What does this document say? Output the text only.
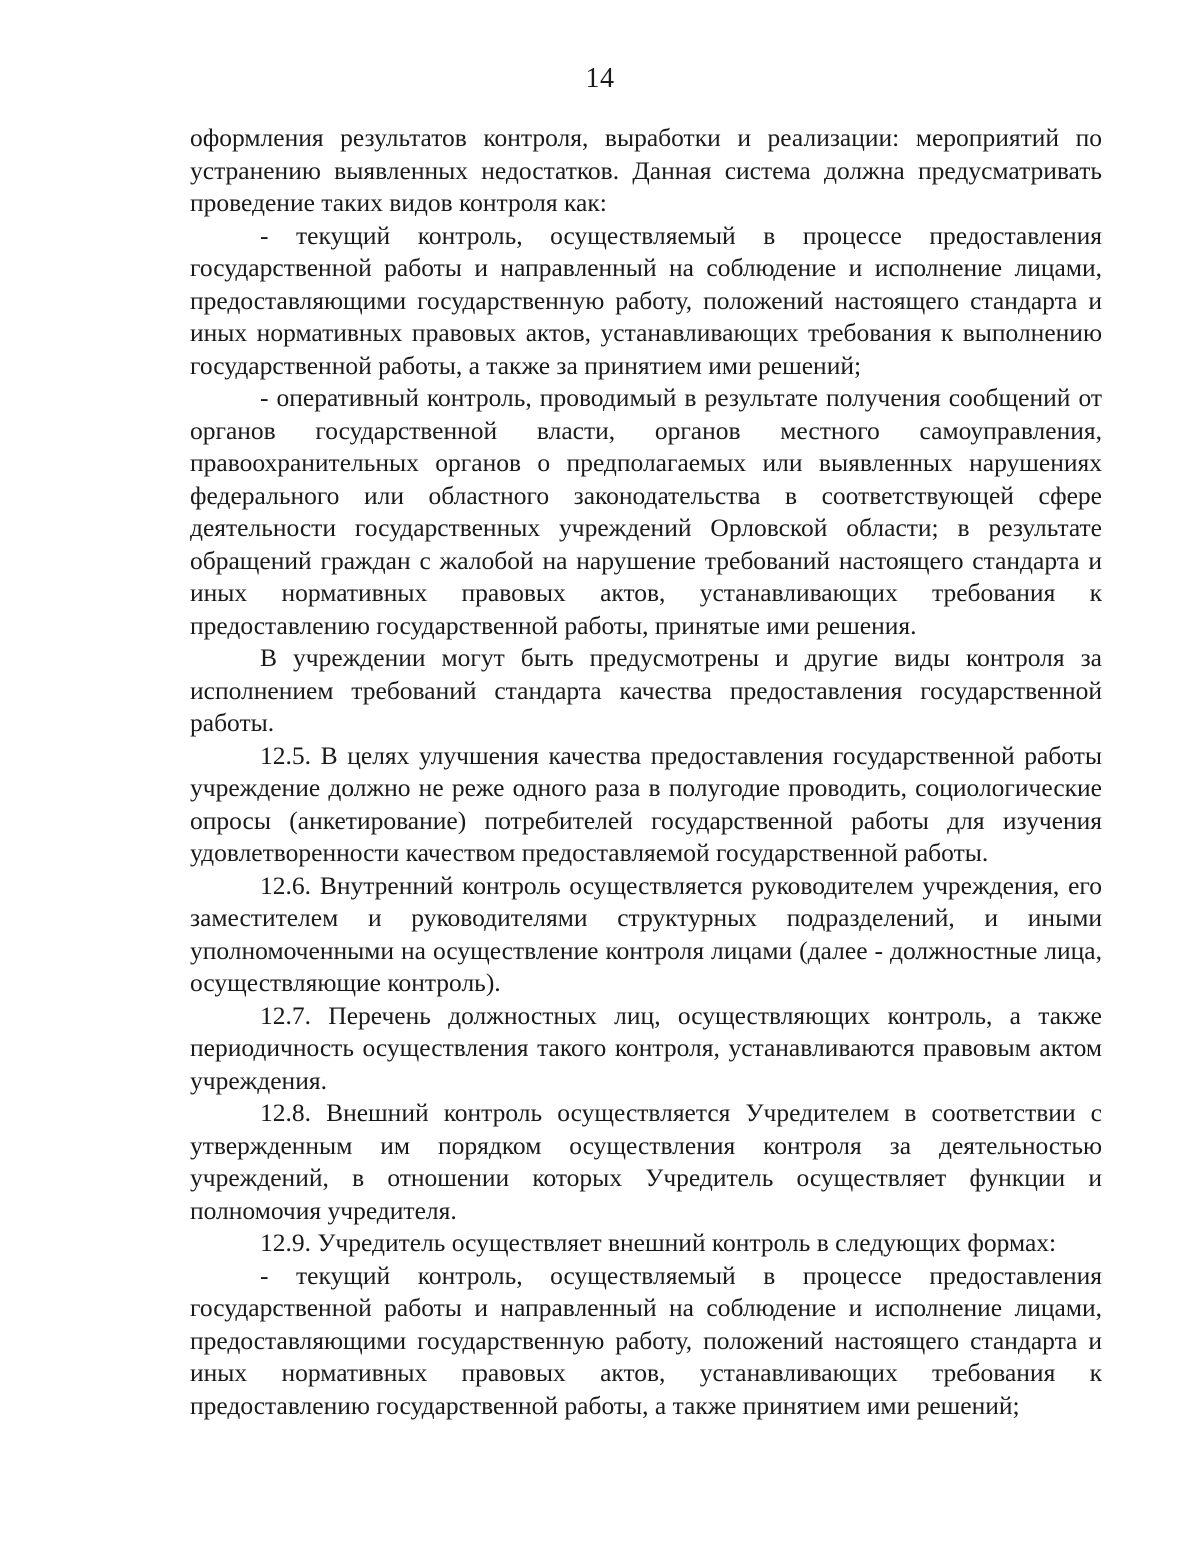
14

оформления результатов контроля, выработки и реализации: мероприятий по устранению выявленных недостатков. Данная система должна предусматривать проведение таких видов контроля как:

- текущий контроль, осуществляемый в процессе предоставления государственной работы и направленный на соблюдение и исполнение лицами, предоставляющими государственную работу, положений настоящего стандарта и иных нормативных правовых актов, устанавливающих требования к выполнению государственной работы, а также за принятием ими решений;

- оперативный контроль, проводимый в результате получения сообщений от органов государственной власти, органов местного самоуправления, правоохранительных органов о предполагаемых или выявленных нарушениях федерального или областного законодательства в соответствующей сфере деятельности государственных учреждений Орловской области; в результате обращений граждан с жалобой на нарушение требований настоящего стандарта и иных нормативных правовых актов, устанавливающих требования к предоставлению государственной работы, принятые ими решения.

В учреждении могут быть предусмотрены и другие виды контроля за исполнением требований стандарта качества предоставления государственной работы.

12.5. В целях улучшения качества предоставления государственной работы учреждение должно не реже одного раза в полугодие проводить, социологические опросы (анкетирование) потребителей государственной работы для изучения удовлетворенности качеством предоставляемой государственной работы.

12.6. Внутренний контроль осуществляется руководителем учреждения, его заместителем и руководителями структурных подразделений, и иными уполномоченными на осуществление контроля лицами (далее - должностные лица, осуществляющие контроль).

12.7. Перечень должностных лиц, осуществляющих контроль, а также периодичность осуществления такого контроля, устанавливаются правовым актом учреждения.

12.8. Внешний контроль осуществляется Учредителем в соответствии с утвержденным им порядком осуществления контроля за деятельностью учреждений, в отношении которых Учредитель осуществляет функции и полномочия учредителя.

12.9. Учредитель осуществляет внешний контроль в следующих формах:

- текущий контроль, осуществляемый в процессе предоставления государственной работы и направленный на соблюдение и исполнение лицами, предоставляющими государственную работу, положений настоящего стандарта и иных нормативных правовых актов, устанавливающих требования к предоставлению государственной работы, а также принятием ими решений;
